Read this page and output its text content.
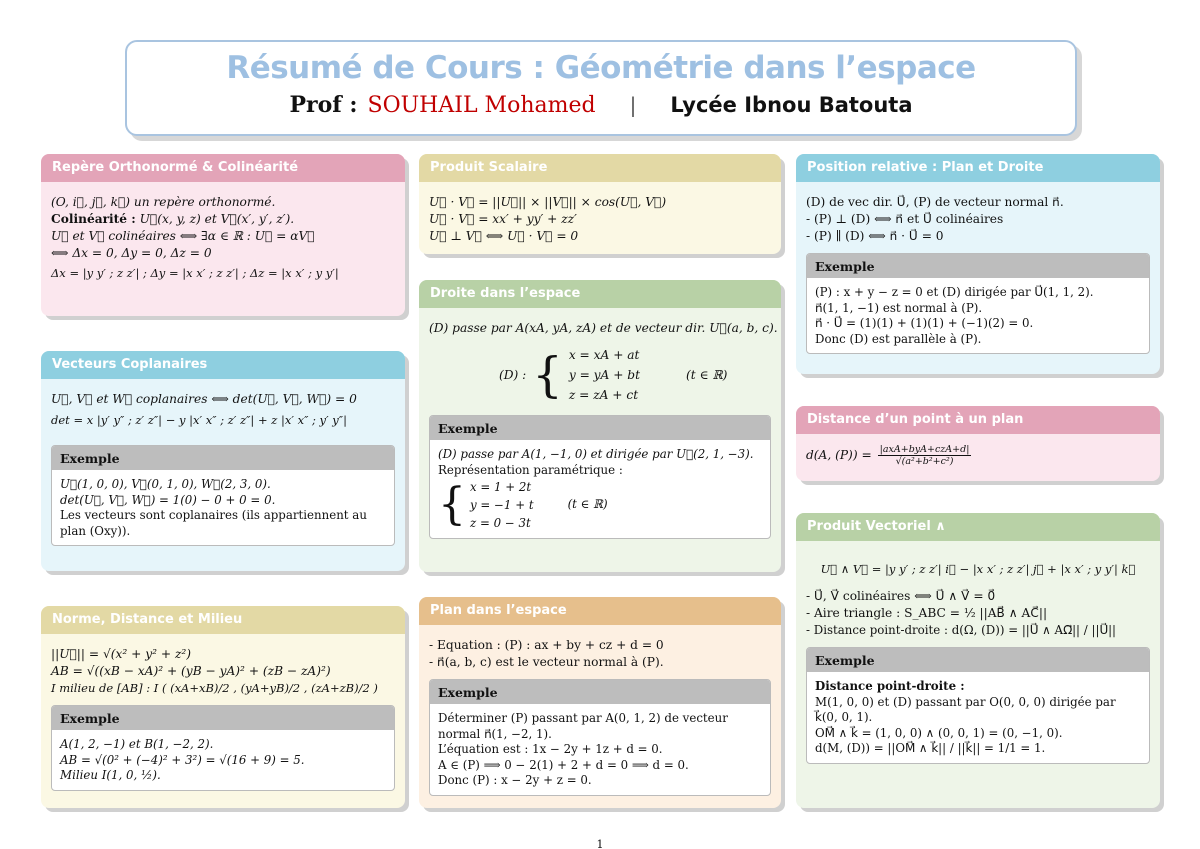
Résumé de Cours : Géométrie dans l’espace
Prof : SOUHAIL Mohamed | Lycée Ibnou Batouta
Repère Orthonormé & Colinéarité
(O, i⃗, j⃗, k⃗) un repère orthonormé.
Colinéarité : U⃗(x, y, z) et V⃗(x′, y′, z′).
U⃗ et V⃗ colinéaires ⟺ ∃α ∈ ℝ : U⃗ = αV⃗
⟺ Δx = 0, Δy = 0, Δz = 0
Δx = |y y′ ; z z′| ; Δy = |x x′ ; z z′| ; Δz = |x x′ ; y y′|
Vecteurs Coplanaires
U⃗, V⃗ et W⃗ coplanaires ⟺ det(U⃗, V⃗, W⃗) = 0
det = x |y′ y″ ; z′ z″| − y |x′ x″ ; z′ z″| + z |x′ x″ ; y′ y″|
Exemple
U⃗(1, 0, 0), V⃗(0, 1, 0), W⃗(2, 3, 0).
det(U⃗, V⃗, W⃗) = 1(0) − 0 + 0 = 0.
Les vecteurs sont coplanaires (ils appartiennent au plan (Oxy)).
Norme, Distance et Milieu
||U⃗|| = √(x² + y² + z²)
AB = √((xB − xA)² + (yB − yA)² + (zB − zA)²)
I milieu de [AB] : I ( (xA+xB)/2 , (yA+yB)/2 , (zA+zB)/2 )
Exemple
A(1, 2, −1) et B(1, −2, 2).
AB = √(0² + (−4)² + 3²) = √(16 + 9) = 5.
Milieu I(1, 0, ½).
Produit Scalaire
U⃗ · V⃗ = ||U⃗|| × ||V⃗|| × cos(U⃗, V⃗)
U⃗ · V⃗ = xx′ + yy′ + zz′
U⃗ ⊥ V⃗ ⟺ U⃗ · V⃗ = 0
Droite dans l’espace
(D) passe par A(xA, yA, zA) et de vecteur dir. U⃗(a, b, c).
(D) : { x = xA + at
y = yA + bt
z = zA + ct
(t ∈ ℝ)
Exemple
(D) passe par A(1, −1, 0) et dirigée par U⃗(2, 1, −3).
Représentation paramétrique :
{ x = 1 + 2t
y = −1 + t
z = 0 − 3t
(t ∈ ℝ)
Plan dans l’espace
- Equation : (P) : ax + by + cz + d = 0
- n⃗(a, b, c) est le vecteur normal à (P).
Exemple
Déterminer (P) passant par A(0, 1, 2) de vecteur normal n⃗(1, −2, 1).
L’équation est : 1x − 2y + 1z + d = 0.
A ∈ (P) ⟹ 0 − 2(1) + 2 + d = 0 ⟹ d = 0.
Donc (P) : x − 2y + z = 0.
Position relative : Plan et Droite
(D) de vec dir. U⃗, (P) de vecteur normal n⃗.
- (P) ⊥ (D) ⟺ n⃗ et U⃗ colinéaires
- (P) ∥ (D) ⟺ n⃗ · U⃗ = 0
Exemple
(P) : x + y − z = 0 et (D) dirigée par U⃗(1, 1, 2).
n⃗(1, 1, −1) est normal à (P).
n⃗ · U⃗ = (1)(1) + (1)(1) + (−1)(2) = 0.
Donc (D) est parallèle à (P).
Distance d’un point à un plan
d(A, (P)) = |axA+byA+czA+d|
√(a²+b²+c²)
Produit Vectoriel ∧
U⃗ ∧ V⃗ = |y y′ ; z z′| i⃗ − |x x′ ; z z′| j⃗ + |x x′ ; y y′| k⃗
- U⃗, V⃗ colinéaires ⟺ U⃗ ∧ V⃗ = 0⃗
- Aire triangle : S_ABC = ½ ||AB⃗ ∧ AC⃗||
- Distance point-droite : d(Ω, (D)) = ||U⃗ ∧ AΩ⃗|| / ||U⃗||
Exemple
Distance point-droite :
M(1, 0, 0) et (D) passant par O(0, 0, 0) dirigée par k⃗(0, 0, 1).
OM⃗ ∧ k⃗ = (1, 0, 0) ∧ (0, 0, 1) = (0, −1, 0).
d(M, (D)) = ||OM⃗ ∧ k⃗|| / ||k⃗|| = 1/1 = 1.
1
